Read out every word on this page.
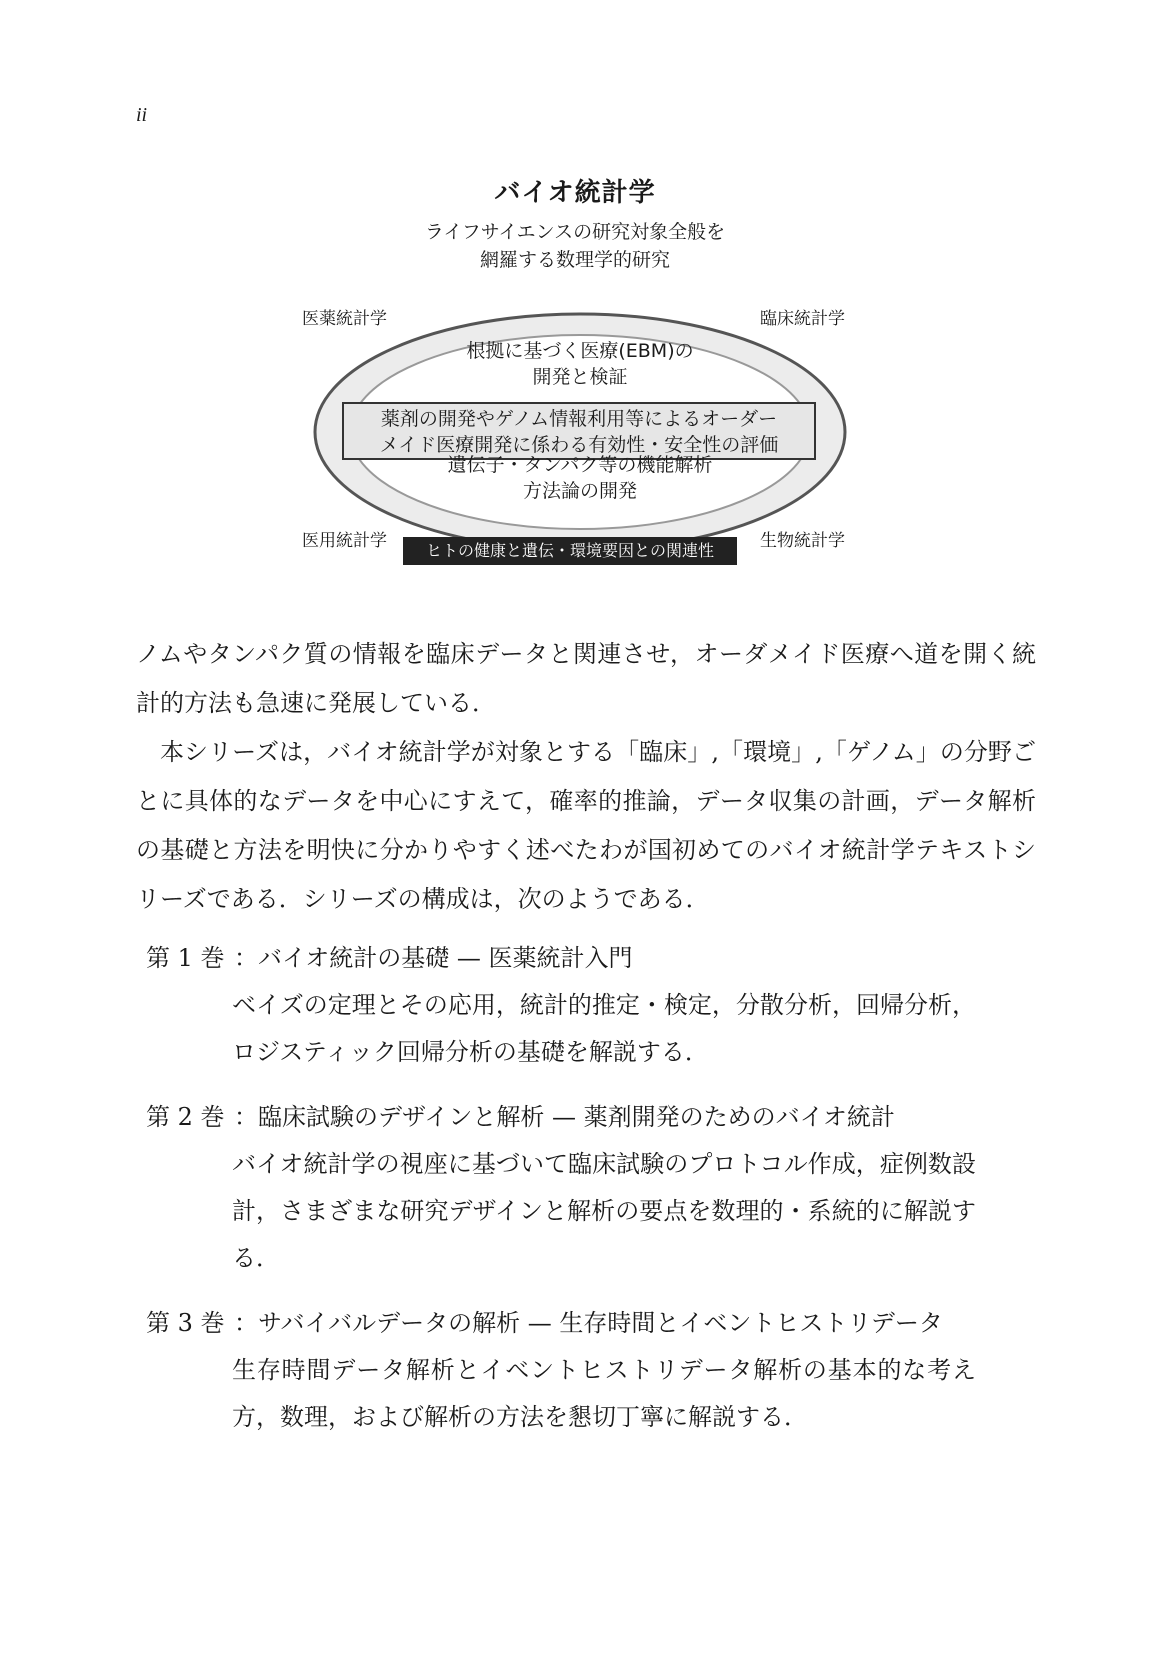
ii
バイオ統計学
ライフサイエンスの研究対象全般を
網羅する数理学的研究
医薬統計学	臨床統計学
医用統計学	生物統計学
根拠に基づく医療(EBM)の
開発と検証
薬剤の開発やゲノム情報利用等によるオーダー
メイド医療開発に係わる有効性・安全性の評価
遺伝子・タンパク等の機能解析
方法論の開発
ヒトの健康と遺伝・環境要因との関連性

ノムやタンパク質の情報を臨床データと関連させ，オーダメイド医療へ道を開く統計的方法も急速に発展している．

本シリーズは，バイオ統計学が対象とする「臨床」,「環境」,「ゲノム」の分野ごとに具体的なデータを中心にすえて，確率的推論，データ収集の計画，データ解析の基礎と方法を明快に分かりやすく述べたわが国初めてのバイオ統計学テキストシリーズである．シリーズの構成は，次のようである．

第 1 巻 ：バイオ統計の基礎 — 医薬統計入門
ベイズの定理とその応用，統計的推定・検定，分散分析，回帰分析，ロジスティック回帰分析の基礎を解説する．
第 2 巻 ：臨床試験のデザインと解析 — 薬剤開発のためのバイオ統計
バイオ統計学の視座に基づいて臨床試験のプロトコル作成，症例数設計，さまざまな研究デザインと解析の要点を数理的・系統的に解説する．
第 3 巻 ：サバイバルデータの解析 — 生存時間とイベントヒストリデータ
生存時間データ解析とイベントヒストリデータ解析の基本的な考え方，数理，および解析の方法を懇切丁寧に解説する．
